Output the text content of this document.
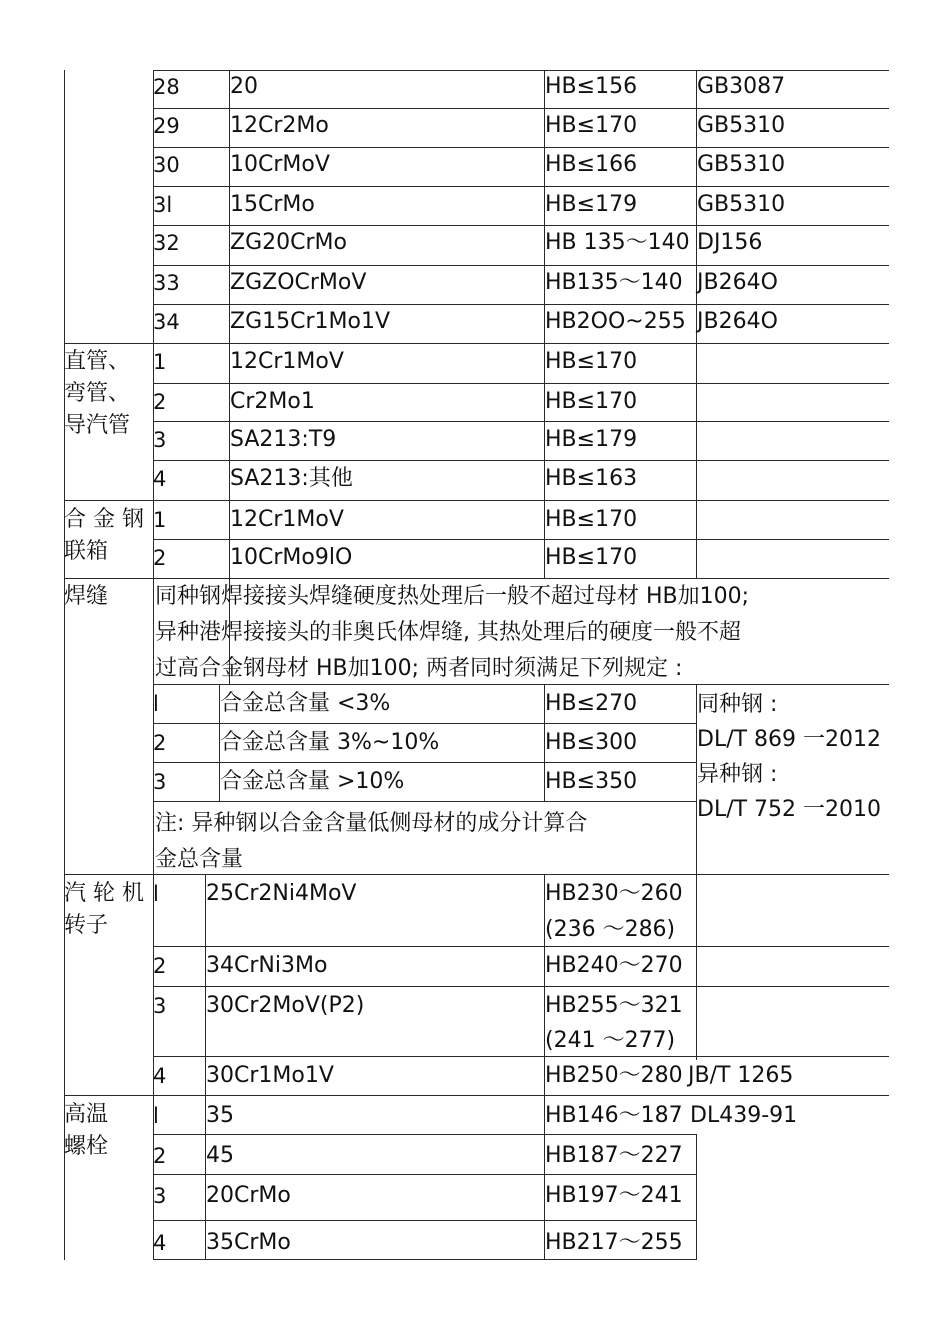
28 20	HB≤156	GB3087
29 12Cr2Mo	HB≤170	GB5310
30 10CrMoV	HB≤166	GB5310
3l	15CrMo	HB≤179	GB5310
32 ZG20CrMo	HB 135～140 DJ156
33 ZGZOCrMoV	HB135～140 JB264O
34 ZG15Cr1Mo1V	HB2OO~255 JB264O
直管、
弯管、
导汽管
1	12Cr1MoV	HB≤170
2	Cr2Mo1	HB≤170
3	SA213:T9	HB≤179
4	SA213:其他	HB≤163
合 金 钢
联箱
1	12Cr1MoV	HB≤170
2	10CrMo9lO	HB≤170
焊缝 同种钢焊接接头焊缝硬度热处理后一般不超过母材 HB加100;
异种港焊接接头的非奥氏体焊缝, 其热处理后的硬度一般不超
过高合金钢母材 HB加100; 两者同时须满足下列规定 :
l	合金总含量 <3%	HB≤270
2 合金总含量 3%~10%	HB≤300
3 合金总含量 >10%	HB≤350
注: 异种钢以合金含量低侧母材的成分计算合
金总含量
同种钢 :
DL/T 869 一2012
异种钢 :
DL/T 752 一2010
汽 轮 机
转子
l 25Cr2Ni4MoV	HB230～260
(236 ～286)
2 34CrNi3Mo	HB240～270
3 30Cr2MoV(P2)	HB255～321
(241 ～277)
4 30Cr1Mo1V	HB250～280 JB/T 1265
高温
螺栓
l 35	HB146～187 DL439-91
2 45	HB187～227
3 20CrMo	HB197～241
4 35CrMo	HB217～255
